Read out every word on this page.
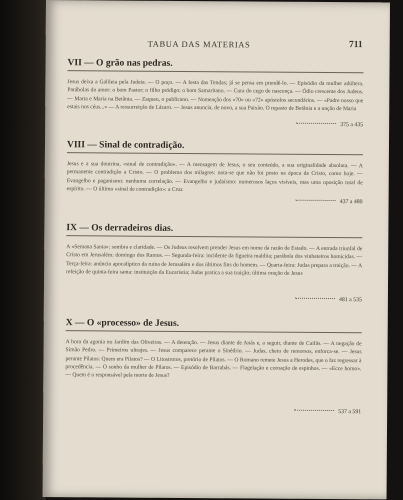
TABUA DAS MATERIAS	711
VII — O grão nas pedras.

Jesus deixa a Galileia pela Judeia. — O poço. — A festa das Tendas; já se pensa em prendê-lo. — Episódio da mulher adúltera. Parábolas do amor: o bom Pastor; o filho pródigo; o bom Samaritano. — Cura do cego de nascença. — Ódio crescente dos Judeus. — Marta e Maria na Betânia. — Zaqueu, o publicano. — Nomeação dos «70» ou «72» apóstolos secundários. — «Padre nosso que estais nos céus...» — A ressurreição de Lázaro. — Jesus anuncia, de novo, a sua Paixão. O repasto de Betânia e a unção de Maria

375 a 435
VIII — Sinal de contradição.

Jesus e a sua doutrina, «sinal de contradição». — A mensagem de Jesus, o seu conteúdo, a sua originalidade absoluta. — A permanente contradição a Cristo. — O problema dos milagres: nota-se que não foi posto na época de Cristo, como hoje. — Evangelho e paganismo: nenhuma correlação. — Evangelho e judaísmo: numerosos laços visíveis, mas uma oposição total de espírito. — O último «sinal de contradição»: a Cruz

437 a 480
IX — Os derradeiros dias.

A «Semana Santa»: sombra e claridade. — Os Judeus resolvem prender Jesus em nome da razão de Estado. — A entrada triunfal de Cristo em Jerusalém: domingo dos Ramos. — Segunda-feira: incidente da figueira maldita; parábola dos vinhateiros homicidas. — Terça-feira: anúncio apocalíptico da ruína de Jerusalém e dos últimos fins do homem. — Quarta-feira: Judas prepara a traição. — A refeição de quinta-feira santa: instituição da Eucaristia; Judas pratica a sua traição; última oração de Jesus

481 a 535
X — O «processo» de Jesus.

A hora da agonia no Jardim das Oliveiras. — A detenção. — Jesus diante de Anás e, a seguir, diante de Caifás. — A negação de Simão Pedro. — Primeiros ultrajes. — Jesus comparece perante o Sinédrio. — Judas, cheio de remorsos, enforca-se. — Jesus perante Pilatos: Quem era Pilatos? — O Litostrotos, pretório de Pilatos. — O Romano remete Jesus a Herodes, que o faz regressar à procedência. — O sonho da mulher de Pilatos. — Episódio de Barrabás. — Flagelação e coroação de espinhos. — «Ecce homo». — Quem é o responsável pela morte de Jesus?

537 a 591
